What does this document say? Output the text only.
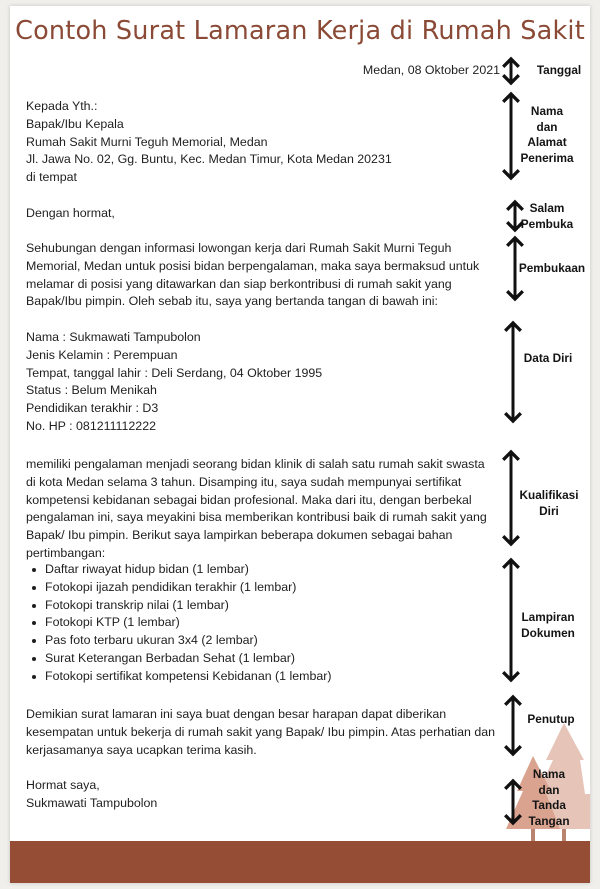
Contoh Surat Lamaran Kerja di Rumah Sakit

Medan, 08 Oktober 2021

Kepada Yth.:
Bapak/Ibu Kepala
Rumah Sakit Murni Teguh Memorial, Medan
Jl. Jawa No. 02, Gg. Buntu, Kec. Medan Timur, Kota Medan 20231
di tempat

Dengan hormat,

Sehubungan dengan informasi lowongan kerja dari Rumah Sakit Murni Teguh Memorial, Medan untuk posisi bidan berpengalaman, maka saya bermaksud untuk melamar di posisi yang ditawarkan dan siap berkontribusi di rumah sakit yang Bapak/Ibu pimpin. Oleh sebab itu, saya yang bertanda tangan di bawah ini:

Nama : Sukmawati Tampubolon
Jenis Kelamin : Perempuan
Tempat, tanggal lahir : Deli Serdang, 04 Oktober 1995
Status : Belum Menikah
Pendidikan terakhir : D3
No. HP : 081211112222

memiliki pengalaman menjadi seorang bidan klinik di salah satu rumah sakit swasta di kota Medan selama 3 tahun. Disamping itu, saya sudah mempunyai sertifikat kompetensi kebidanan sebagai bidan profesional. Maka dari itu, dengan berbekal pengalaman ini, saya meyakini bisa memberikan kontribusi baik di rumah sakit yang Bapak/ Ibu pimpin. Berikut saya lampirkan beberapa dokumen sebagai bahan pertimbangan:

Daftar riwayat hidup bidan (1 lembar)
Fotokopi ijazah pendidikan terakhir (1 lembar)
Fotokopi transkrip nilai (1 lembar)
Fotokopi KTP (1 lembar)
Pas foto terbaru ukuran 3x4 (2 lembar)
Surat Keterangan Berbadan Sehat (1 lembar)
Fotokopi sertifikat kompetensi Kebidanan (1 lembar)

Demikian surat lamaran ini saya buat dengan besar harapan dapat diberikan kesempatan untuk bekerja di rumah sakit yang Bapak/ Ibu pimpin. Atas perhatian dan kerjasamanya saya ucapkan terima kasih.

Hormat saya,
Sukmawati Tampubolon

Tanggal

Nama
dan
Alamat
Penerima

Salam
Pembuka

Pembukaan

Data Diri

Kualifikasi
Diri

Lampiran
Dokumen

Penutup

Nama
dan
Tanda
Tangan
